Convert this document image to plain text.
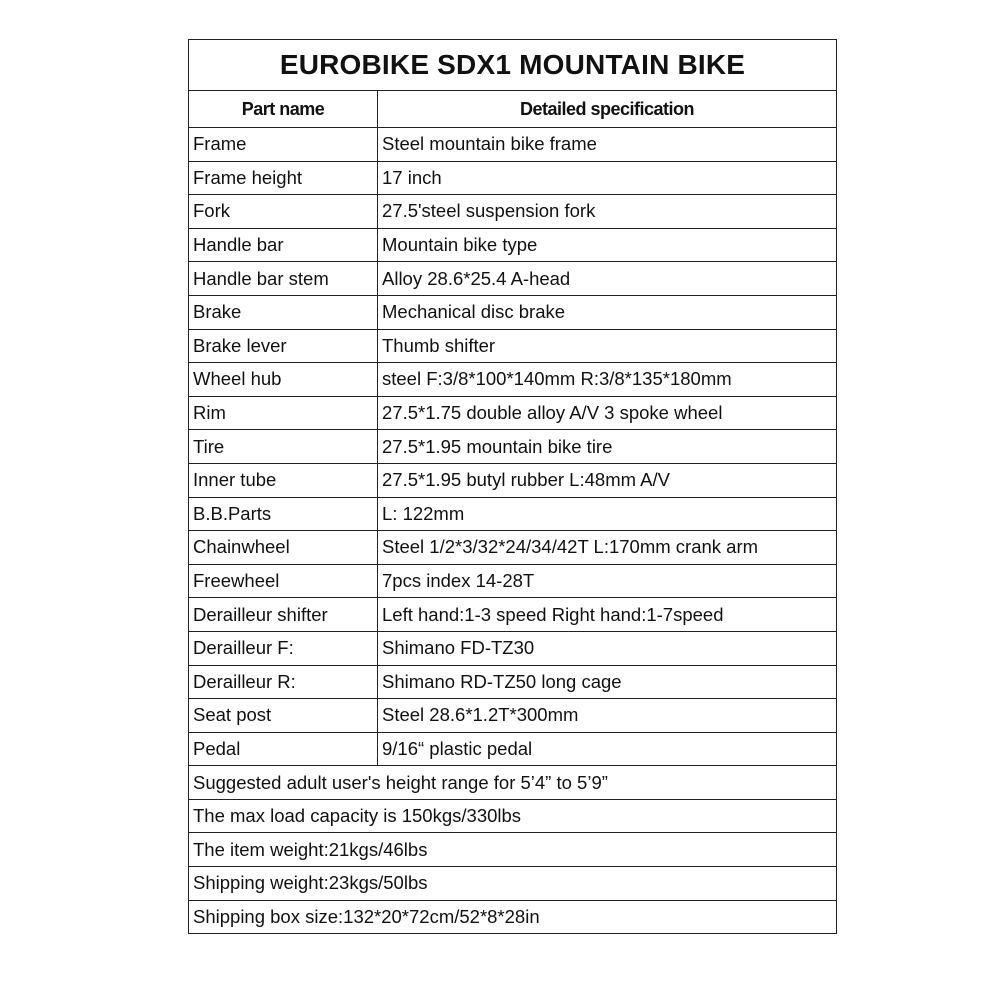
EUROBIKE SDX1 MOUNTAIN BIKE	
Part name	Detailed specification
Frame	Steel mountain bike frame
Frame height	17 inch
Fork	27.5'steel suspension fork
Handle bar	Mountain bike type
Handle bar stem	Alloy 28.6*25.4 A-head
Brake	Mechanical disc brake
Brake lever	Thumb shifter
Wheel hub	steel F:3/8*100*140mm R:3/8*135*180mm
Rim	27.5*1.75 double alloy A/V 3 spoke wheel
Tire	27.5*1.95 mountain bike tire
Inner tube	27.5*1.95 butyl rubber L:48mm A/V
B.B.Parts	L: 122mm
Chainwheel	Steel 1/2*3/32*24/34/42T L:170mm crank arm
Freewheel	7pcs index 14-28T
Derailleur shifter	Left hand:1-3 speed Right hand:1-7speed
Derailleur F:	Shimano FD-TZ30
Derailleur R:	Shimano RD-TZ50 long cage
Seat post	Steel 28.6*1.2T*300mm
Pedal	9/16“ plastic pedal
Suggested adult user's height range for 5’4” to 5’9”	
The max load capacity is 150kgs/330lbs	
The item weight:21kgs/46lbs	
Shipping weight:23kgs/50lbs	
Shipping box size:132*20*72cm/52*8*28in	
